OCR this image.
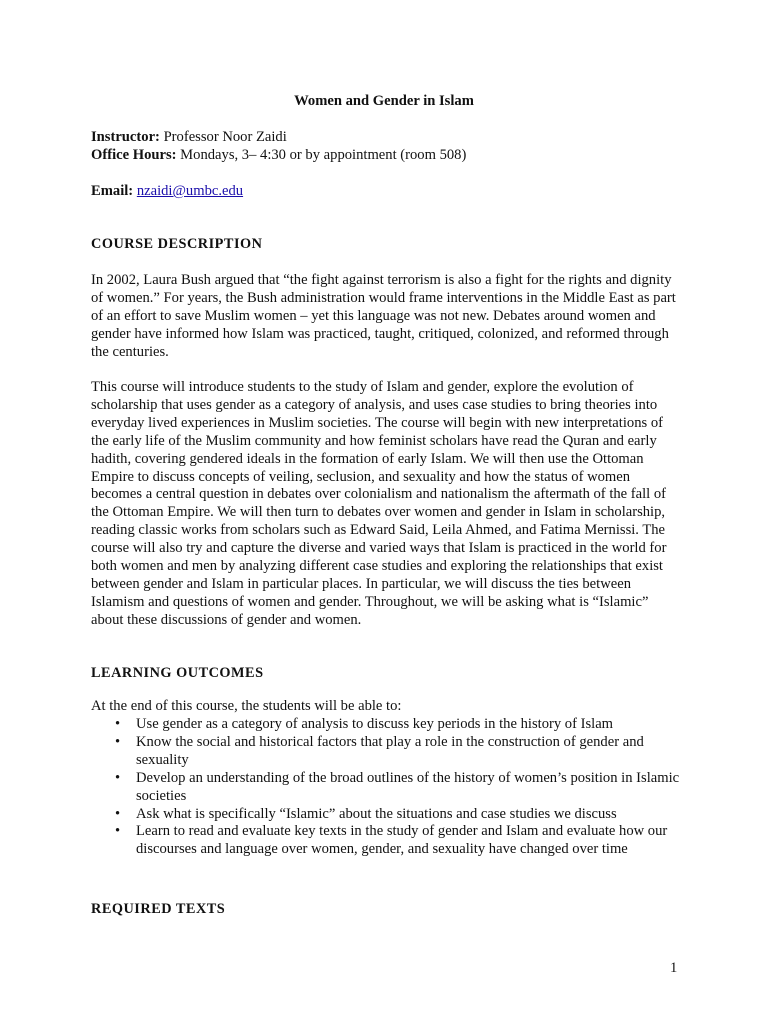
Women and Gender in Islam
Instructor: Professor Noor Zaidi
Office Hours: Mondays, 3– 4:30 or by appointment (room 508)
Email: nzaidi@umbc.edu
COURSE DESCRIPTION

In 2002, Laura Bush argued that “the fight against terrorism is also a fight for the rights and dignity of women.” For years, the Bush administration would frame interventions in the Middle East as part of an effort to save Muslim women – yet this language was not new. Debates around women and gender have informed how Islam was practiced, taught, critiqued, colonized, and reformed through the centuries.

This course will introduce students to the study of Islam and gender, explore the evolution of scholarship that uses gender as a category of analysis, and uses case studies to bring theories into everyday lived experiences in Muslim societies. The course will begin with new interpretations of the early life of the Muslim community and how feminist scholars have read the Quran and early hadith, covering gendered ideals in the formation of early Islam. We will then use the Ottoman Empire to discuss concepts of veiling, seclusion, and sexuality and how the status of women becomes a central question in debates over colonialism and nationalism the aftermath of the fall of the Ottoman Empire. We will then turn to debates over women and gender in Islam in scholarship, reading classic works from scholars such as Edward Said, Leila Ahmed, and Fatima Mernissi. The course will also try and capture the diverse and varied ways that Islam is practiced in the world for both women and men by analyzing different case studies and exploring the relationships that exist between gender and Islam in particular places. In particular, we will discuss the ties between Islamism and questions of women and gender. Throughout, we will be asking what is “Islamic” about these discussions of gender and women.

LEARNING OUTCOMES
At the end of this course, the students will be able to:
• Use gender as a category of analysis to discuss key periods in the history of Islam
• Know the social and historical factors that play a role in the construction of gender and sexuality
• Develop an understanding of the broad outlines of the history of women’s position in Islamic societies
• Ask what is specifically “Islamic” about the situations and case studies we discuss
• Learn to read and evaluate key texts in the study of gender and Islam and evaluate how our discourses and language over women, gender, and sexuality have changed over time
REQUIRED TEXTS
1
